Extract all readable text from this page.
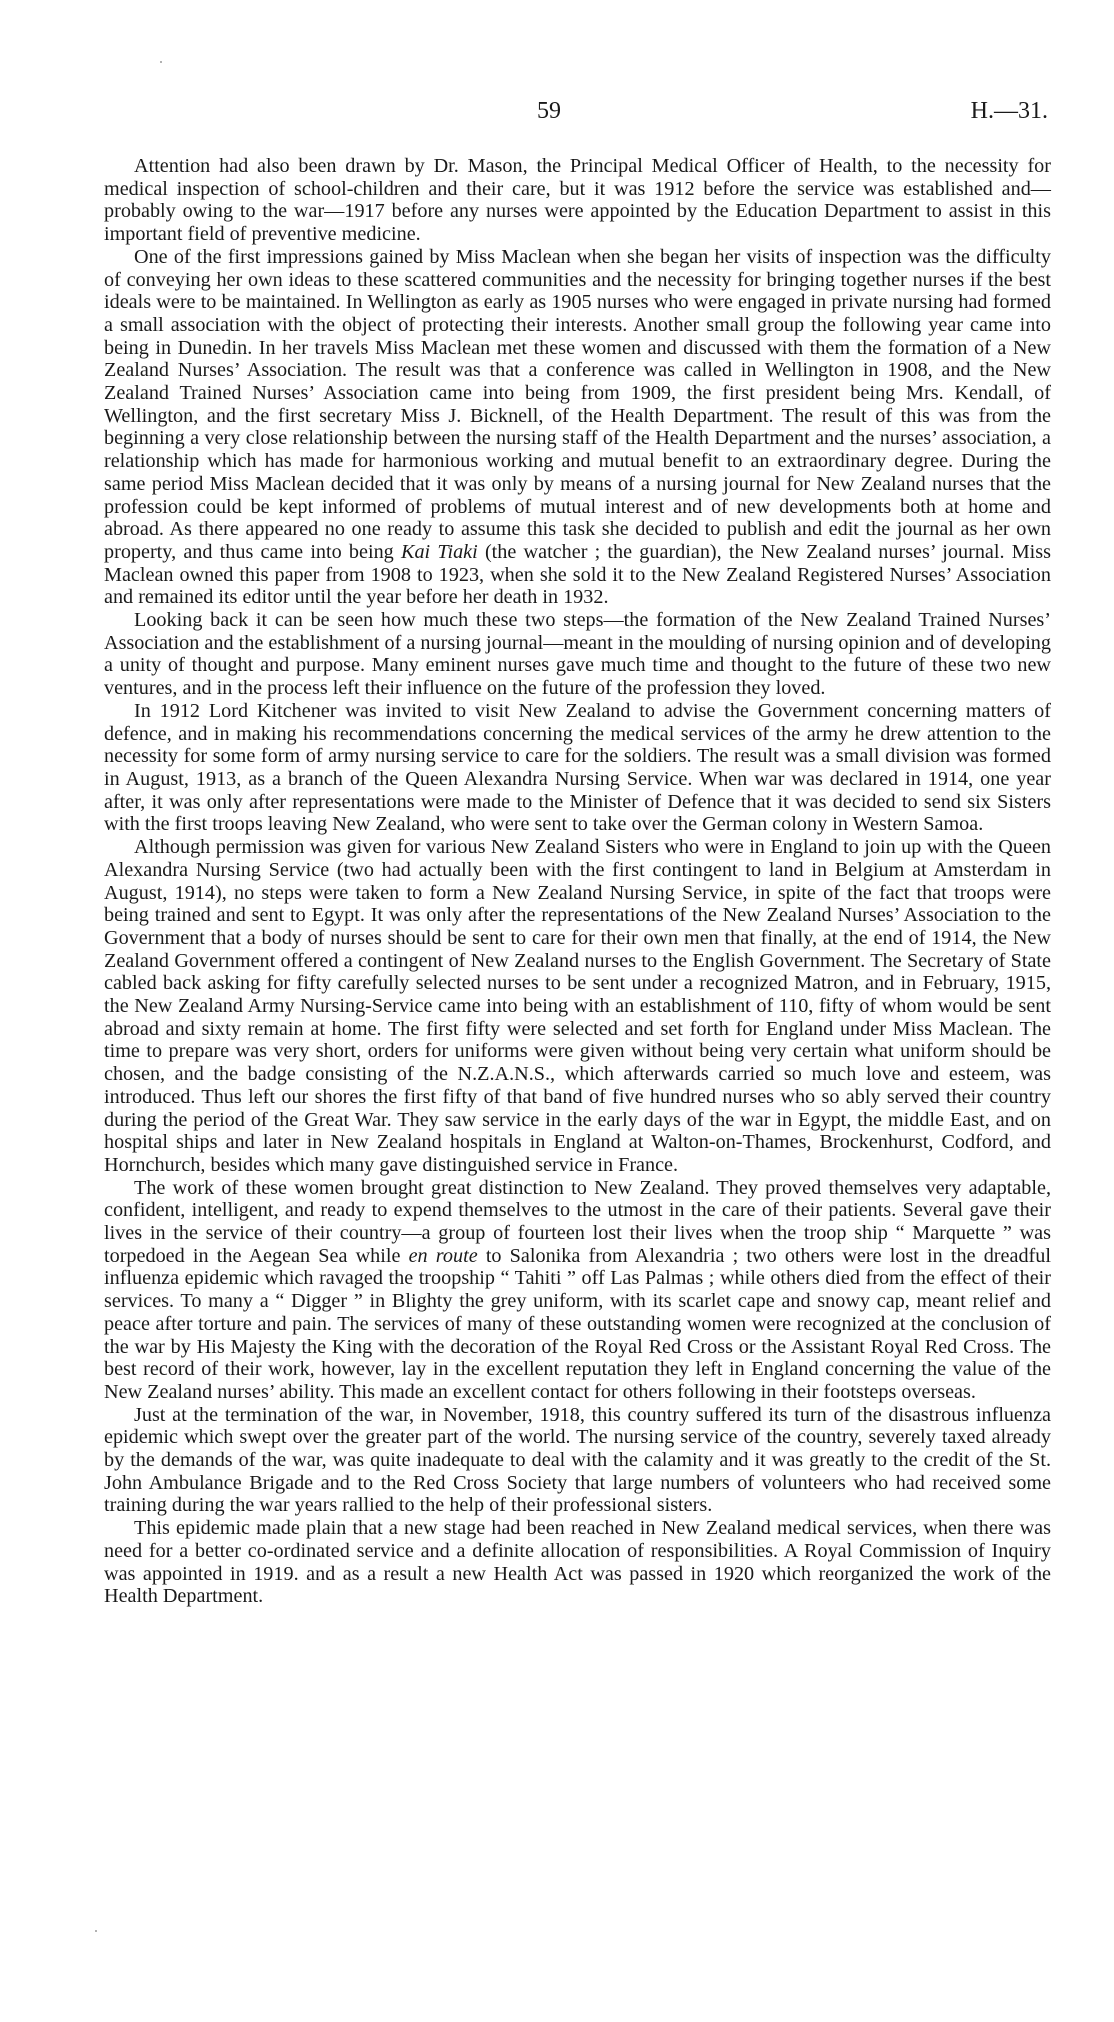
59	H.—31.

Attention had also been drawn by Dr. Mason, the Principal Medical Officer of Health, to the necessity for medical inspection of school-children and their care, but it was 1912 before the service was established and—probably owing to the war—1917 before any nurses were appointed by the Education Department to assist in this important field of preventive medicine.

One of the first impressions gained by Miss Maclean when she began her visits of inspection was the difficulty of conveying her own ideas to these scattered communities and the necessity for bringing together nurses if the best ideals were to be maintained. In Wellington as early as 1905 nurses who were engaged in private nursing had formed a small association with the object of protecting their interests. Another small group the following year came into being in Dunedin. In her travels Miss Maclean met these women and discussed with them the formation of a New Zealand Nurses’ Association. The result was that a conference was called in Wellington in 1908, and the New Zealand Trained Nurses’ Association came into being from 1909, the first president being Mrs. Kendall, of Wellington, and the first secretary Miss J. Bicknell, of the Health Department. The result of this was from the beginning a very close relationship between the nursing staff of the Health Department and the nurses’ association, a relationship which has made for harmonious working and mutual benefit to an extraordinary degree. During the same period Miss Maclean decided that it was only by means of a nursing journal for New Zealand nurses that the profession could be kept informed of problems of mutual interest and of new developments both at home and abroad. As there appeared no one ready to assume this task she decided to publish and edit the journal as her own property, and thus came into being Kai Tiaki (the watcher ; the guardian), the New Zealand nurses’ journal. Miss Maclean owned this paper from 1908 to 1923, when she sold it to the New Zealand Registered Nurses’ Association and remained its editor until the year before her death in 1932.

Looking back it can be seen how much these two steps—the formation of the New Zealand Trained Nurses’ Association and the establishment of a nursing journal—meant in the moulding of nursing opinion and of developing a unity of thought and purpose. Many eminent nurses gave much time and thought to the future of these two new ventures, and in the process left their influence on the future of the profession they loved.

In 1912 Lord Kitchener was invited to visit New Zealand to advise the Government concerning matters of defence, and in making his recommendations concerning the medical services of the army he drew attention to the necessity for some form of army nursing service to care for the soldiers. The result was a small division was formed in August, 1913, as a branch of the Queen Alexandra Nursing Service. When war was declared in 1914, one year after, it was only after representations were made to the Minister of Defence that it was decided to send six Sisters with the first troops leaving New Zealand, who were sent to take over the German colony in Western Samoa.

Although permission was given for various New Zealand Sisters who were in England to join up with the Queen Alexandra Nursing Service (two had actually been with the first contingent to land in Belgium at Amsterdam in August, 1914), no steps were taken to form a New Zealand Nursing Service, in spite of the fact that troops were being trained and sent to Egypt. It was only after the representations of the New Zealand Nurses’ Association to the Government that a body of nurses should be sent to care for their own men that finally, at the end of 1914, the New Zealand Government offered a contingent of New Zealand nurses to the English Government. The Secretary of State cabled back asking for fifty carefully selected nurses to be sent under a recognized Matron, and in February, 1915, the New Zealand Army Nursing-Service came into being with an establishment of 110, fifty of whom would be sent abroad and sixty remain at home. The first fifty were selected and set forth for England under Miss Maclean. The time to prepare was very short, orders for uniforms were given without being very certain what uniform should be chosen, and the badge consisting of the N.Z.A.N.S., which afterwards carried so much love and esteem, was introduced. Thus left our shores the first fifty of that band of five hundred nurses who so ably served their country during the period of the Great War. They saw service in the early days of the war in Egypt, the middle East, and on hospital ships and later in New Zealand hospitals in England at Walton-on-Thames, Brockenhurst, Codford, and Hornchurch, besides which many gave distinguished service in France.

The work of these women brought great distinction to New Zealand. They proved themselves very adaptable, confident, intelligent, and ready to expend themselves to the utmost in the care of their patients. Several gave their lives in the service of their country—a group of fourteen lost their lives when the troop ship “ Marquette ” was torpedoed in the Aegean Sea while en route to Salonika from Alexandria ; two others were lost in the dreadful influenza epidemic which ravaged the troopship “ Tahiti ” off Las Palmas ; while others died from the effect of their services. To many a “ Digger ” in Blighty the grey uniform, with its scarlet cape and snowy cap, meant relief and peace after torture and pain. The services of many of these outstanding women were recognized at the conclusion of the war by His Majesty the King with the decoration of the Royal Red Cross or the Assistant Royal Red Cross. The best record of their work, however, lay in the excellent reputation they left in England concerning the value of the New Zealand nurses’ ability. This made an excellent contact for others following in their footsteps overseas.

Just at the termination of the war, in November, 1918, this country suffered its turn of the disastrous influenza epidemic which swept over the greater part of the world. The nursing service of the country, severely taxed already by the demands of the war, was quite inadequate to deal with the calamity and it was greatly to the credit of the St. John Ambulance Brigade and to the Red Cross Society that large numbers of volunteers who had received some training during the war years rallied to the help of their professional sisters.

This epidemic made plain that a new stage had been reached in New Zealand medical services, when there was need for a better co-ordinated service and a definite allocation of responsibilities. A Royal Commission of Inquiry was appointed in 1919. and as a result a new Health Act was passed in 1920 which reorganized the work of the Health Department.
